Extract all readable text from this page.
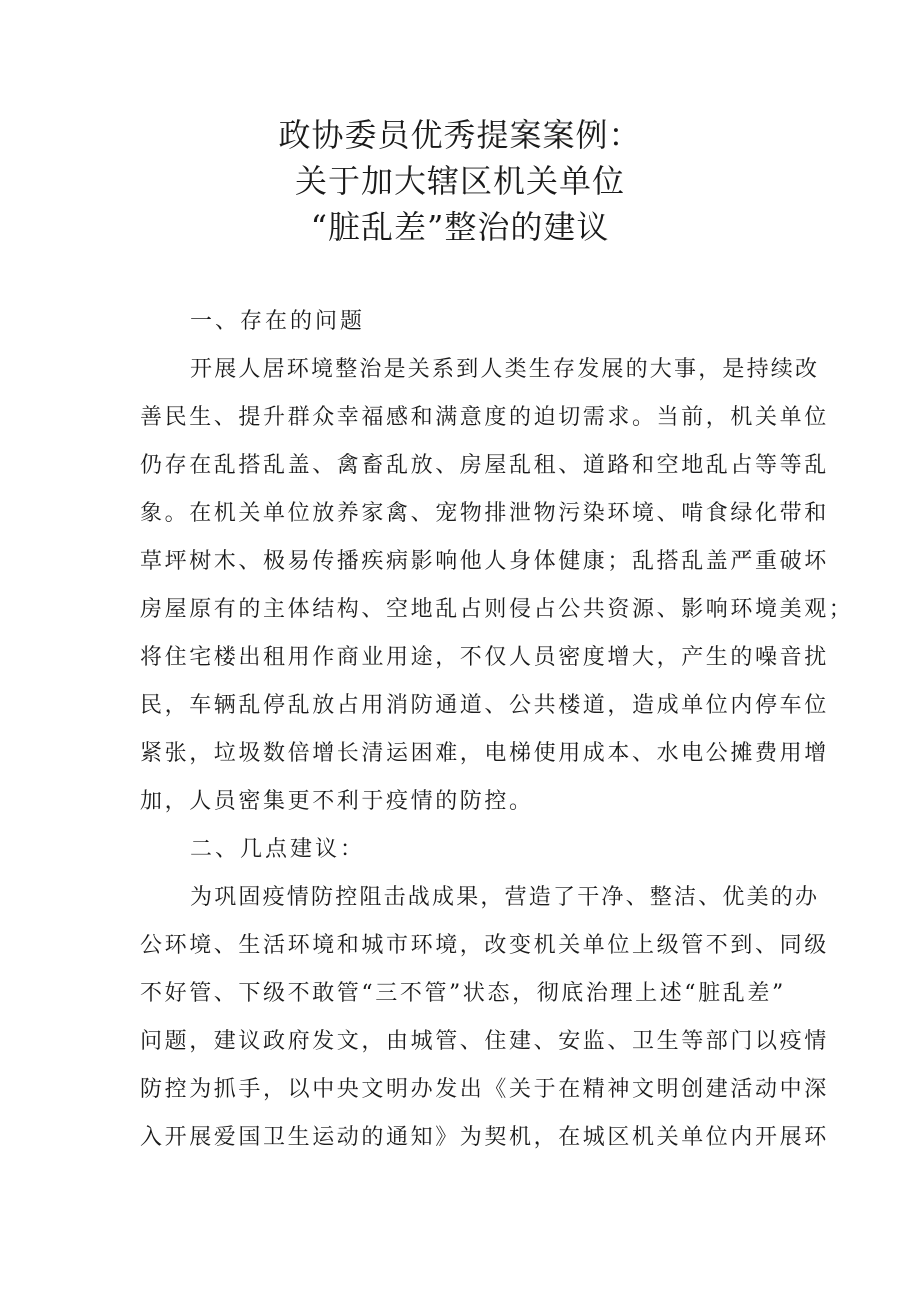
政协委员优秀提案案例：
关于加大辖区机关单位
“脏乱差”整治的建议
一、存在的问题
开展人居环境整治是关系到人类生存发展的大事，是持续改
善民生、提升群众幸福感和满意度的迫切需求。当前，机关单位
仍存在乱搭乱盖、禽畜乱放、房屋乱租、道路和空地乱占等等乱
象。在机关单位放养家禽、宠物排泄物污染环境、啃食绿化带和
草坪树木、极易传播疾病影响他人身体健康；乱搭乱盖严重破坏
房屋原有的主体结构、空地乱占则侵占公共资源、影响环境美观；
将住宅楼出租用作商业用途，不仅人员密度增大，产生的噪音扰
民，车辆乱停乱放占用消防通道、公共楼道，造成单位内停车位
紧张，垃圾数倍增长清运困难，电梯使用成本、水电公摊费用增
加，人员密集更不利于疫情的防控。
二、几点建议：
为巩固疫情防控阻击战成果，营造了干净、整洁、优美的办
公环境、生活环境和城市环境，改变机关单位上级管不到、同级
不好管、下级不敢管“三不管”状态，彻底治理上述“脏乱差”
问题，建议政府发文，由城管、住建、安监、卫生等部门以疫情
防控为抓手，以中央文明办发出《关于在精神文明创建活动中深
入开展爱国卫生运动的通知》为契机，在城区机关单位内开展环
